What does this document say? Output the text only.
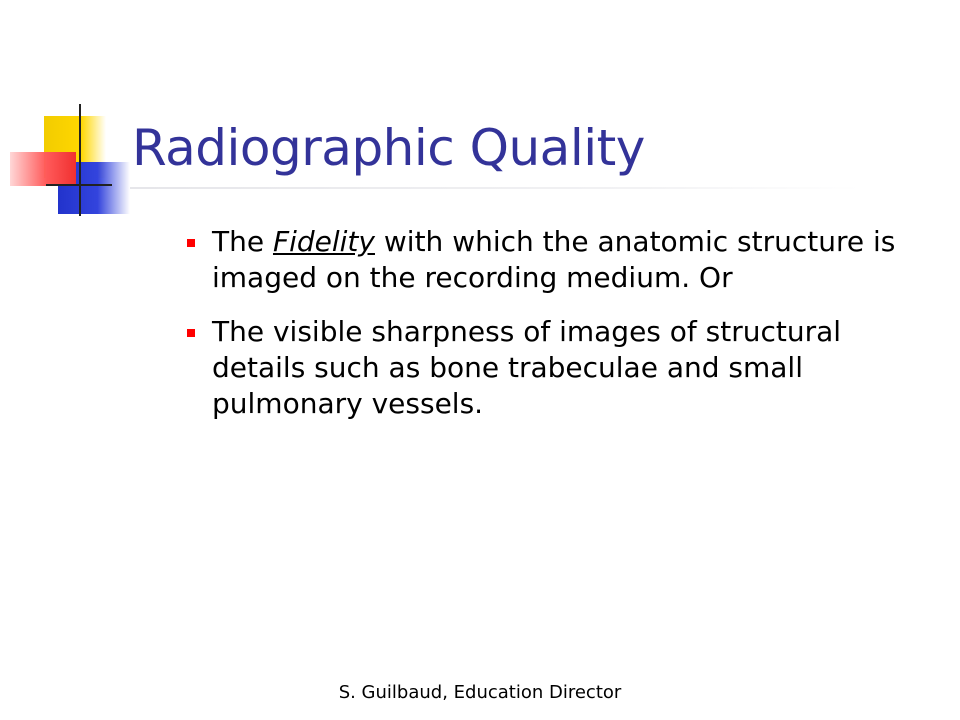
Radiographic Quality
The Fidelity with which the anatomic structure is imaged on the recording medium. Or
The visible sharpness of images of structural details such as bone trabeculae and small pulmonary vessels.
S. Guilbaud, Education Director
